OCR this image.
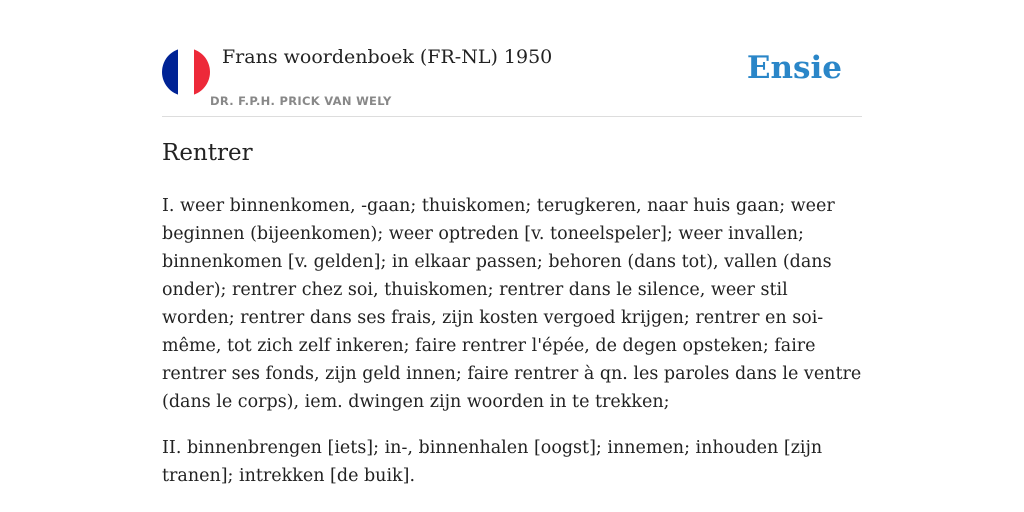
Frans woordenboek (FR-NL) 1950
DR. F.P.H. PRICK VAN WELY
Ensie
Rentrer

I. weer binnenkomen, -gaan; thuiskomen; terugkeren, naar huis gaan; weer beginnen (bijeenkomen); weer optreden [v. toneelspeler]; weer invallen; binnenkomen [v. gelden]; in elkaar passen; behoren (dans tot), vallen (dans onder); rentrer chez soi, thuiskomen; rentrer dans le silence, weer stil worden; rentrer dans ses frais, zijn kosten vergoed krijgen; rentrer en soi-même, tot zich zelf inkeren; faire rentrer l'épée, de degen opsteken; faire rentrer ses fonds, zijn geld innen; faire rentrer à qn. les paroles dans le ventre (dans le corps), iem. dwingen zijn woorden in te trekken;

II. binnenbrengen [iets]; in-, binnenhalen [oogst]; innemen; inhouden [zijn tranen]; intrekken [de buik].
